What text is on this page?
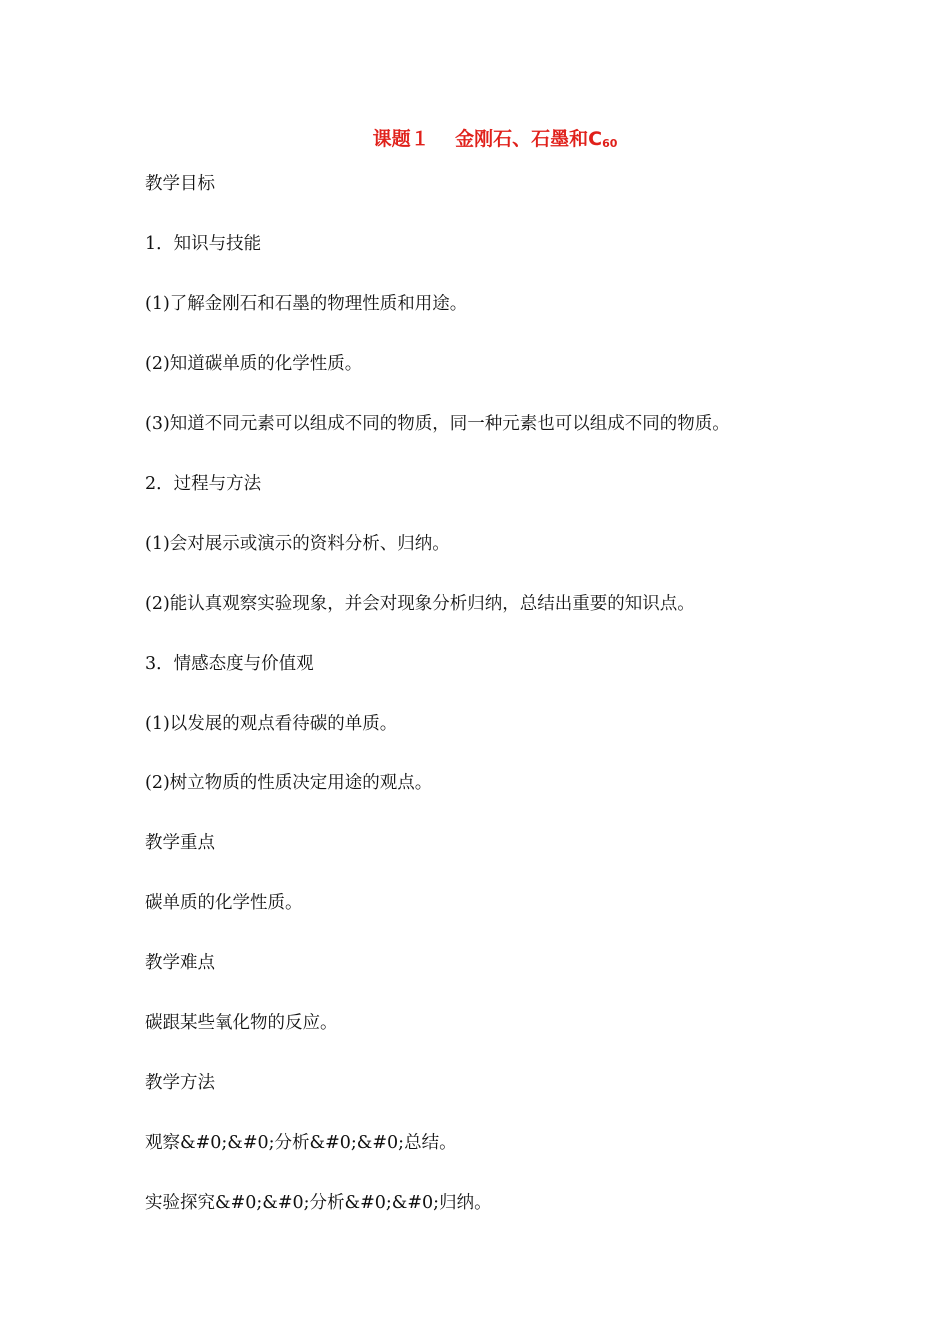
课题１　 金刚石、石墨和C60
教学目标
1．知识与技能
(1)了解金刚石和石墨的物理性质和用途。
(2)知道碳单质的化学性质。
(3)知道不同元素可以组成不同的物质，同一种元素也可以组成不同的物质。
2．过程与方法
(1)会对展示或演示的资料分析、归纳。
(2)能认真观察实验现象，并会对现象分析归纳，总结出重要的知识点。
3．情感态度与价值观
(1)以发展的观点看待碳的单质。
(2)树立物质的性质决定用途的观点。
教学重点
碳单质的化学性质。
教学难点
碳跟某些氧化物的反应。
教学方法
观察&#0;&#0;分析&#0;&#0;总结。
实验探究&#0;&#0;分析&#0;&#0;归纳。
